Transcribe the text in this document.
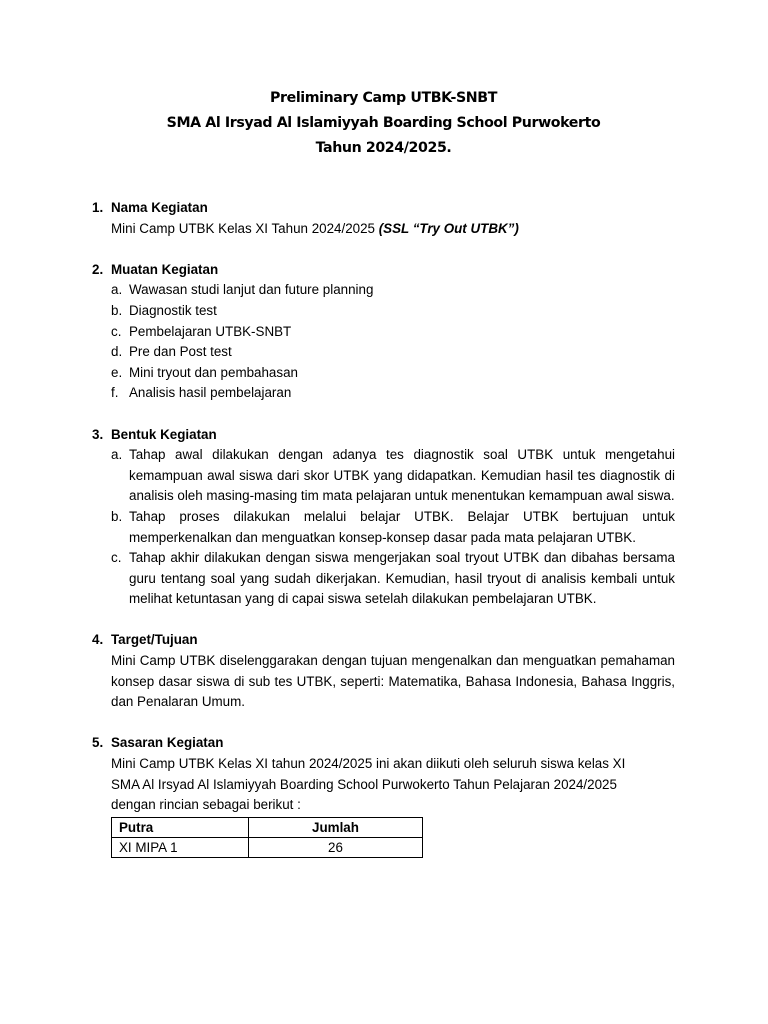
Preliminary Camp UTBK-SNBT
SMA Al Irsyad Al Islamiyyah Boarding School Purwokerto
Tahun 2024/2025.
1. Nama Kegiatan

Mini Camp UTBK Kelas XI Tahun 2024/2025 (SSL “Try Out UTBK”)

2. Muatan Kegiatan
a. Wawasan studi lanjut dan future planning
b. Diagnostik test
c. Pembelajaran UTBK-SNBT
d. Pre dan Post test
e. Mini tryout dan pembahasan
f. Analisis hasil pembelajaran
3. Bentuk Kegiatan
a. Tahap awal dilakukan dengan adanya tes diagnostik soal UTBK untuk mengetahui kemampuan awal siswa dari skor UTBK yang didapatkan. Kemudian hasil tes diagnostik di analisis oleh masing-masing tim mata pelajaran untuk menentukan kemampuan awal siswa.
b. Tahap proses dilakukan melalui belajar UTBK. Belajar UTBK bertujuan untuk memperkenalkan dan menguatkan konsep-konsep dasar pada mata pelajaran UTBK.
c. Tahap akhir dilakukan dengan siswa mengerjakan soal tryout UTBK dan dibahas bersama guru tentang soal yang sudah dikerjakan. Kemudian, hasil tryout di analisis kembali untuk melihat ketuntasan yang di capai siswa setelah dilakukan pembelajaran UTBK.
4. Target/Tujuan

Mini Camp UTBK diselenggarakan dengan tujuan mengenalkan dan menguatkan pemahaman konsep dasar siswa di sub tes UTBK, seperti: Matematika, Bahasa Indonesia, Bahasa Inggris, dan Penalaran Umum.

5. Sasaran Kegiatan
Mini Camp UTBK Kelas XI tahun 2024/2025 ini akan diikuti oleh seluruh siswa kelas XI
SMA Al Irsyad Al Islamiyyah Boarding School Purwokerto Tahun Pelajaran 2024/2025
dengan rincian sebagai berikut :
Putra	Jumlah
XI MIPA 1	26
